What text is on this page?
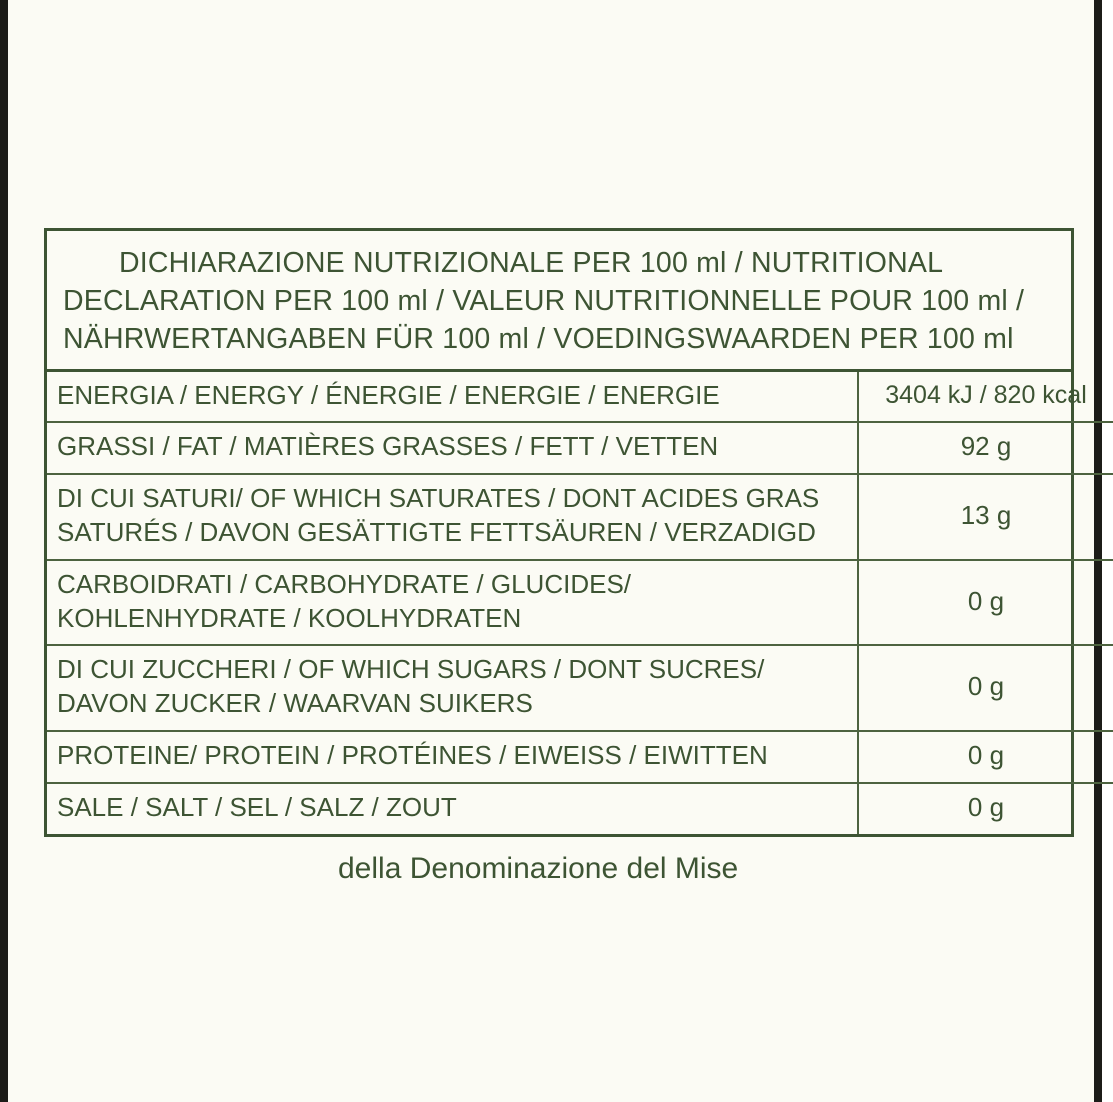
DICHIARAZIONE NUTRIZIONALE PER 100 ml / NUTRITIONAL
DECLARATION PER 100 ml / VALEUR NUTRITIONNELLE POUR 100 ml /
NÄHRWERTANGABEN FÜR 100 ml / VOEDINGSWAARDEN PER 100 ml
ENERGIA / ENERGY / ÉNERGIE / ENERGIE / ENERGIE	3404 kJ / 820 kcal

GRASSI / FAT / MATIÈRES GRASSES / FETT / VETTEN	92 g

DI CUI SATURI/ OF WHICH SATURATES / DONT ACIDES GRAS
SATURÉS / DAVON GESÄTTIGTE FETTSÄUREN / VERZADIGD	13 g

CARBOIDRATI / CARBOHYDRATE / GLUCIDES/
KOHLENHYDRATE / KOOLHYDRATEN	0 g

DI CUI ZUCCHERI / OF WHICH SUGARS / DONT SUCRES/
DAVON ZUCKER / WAARVAN SUIKERS	0 g

PROTEINE/ PROTEIN / PROTÉINES / EIWEISS / EIWITTEN	0 g

SALE / SALT / SEL / SALZ / ZOUT	0 g
della Denominazione del Mise
